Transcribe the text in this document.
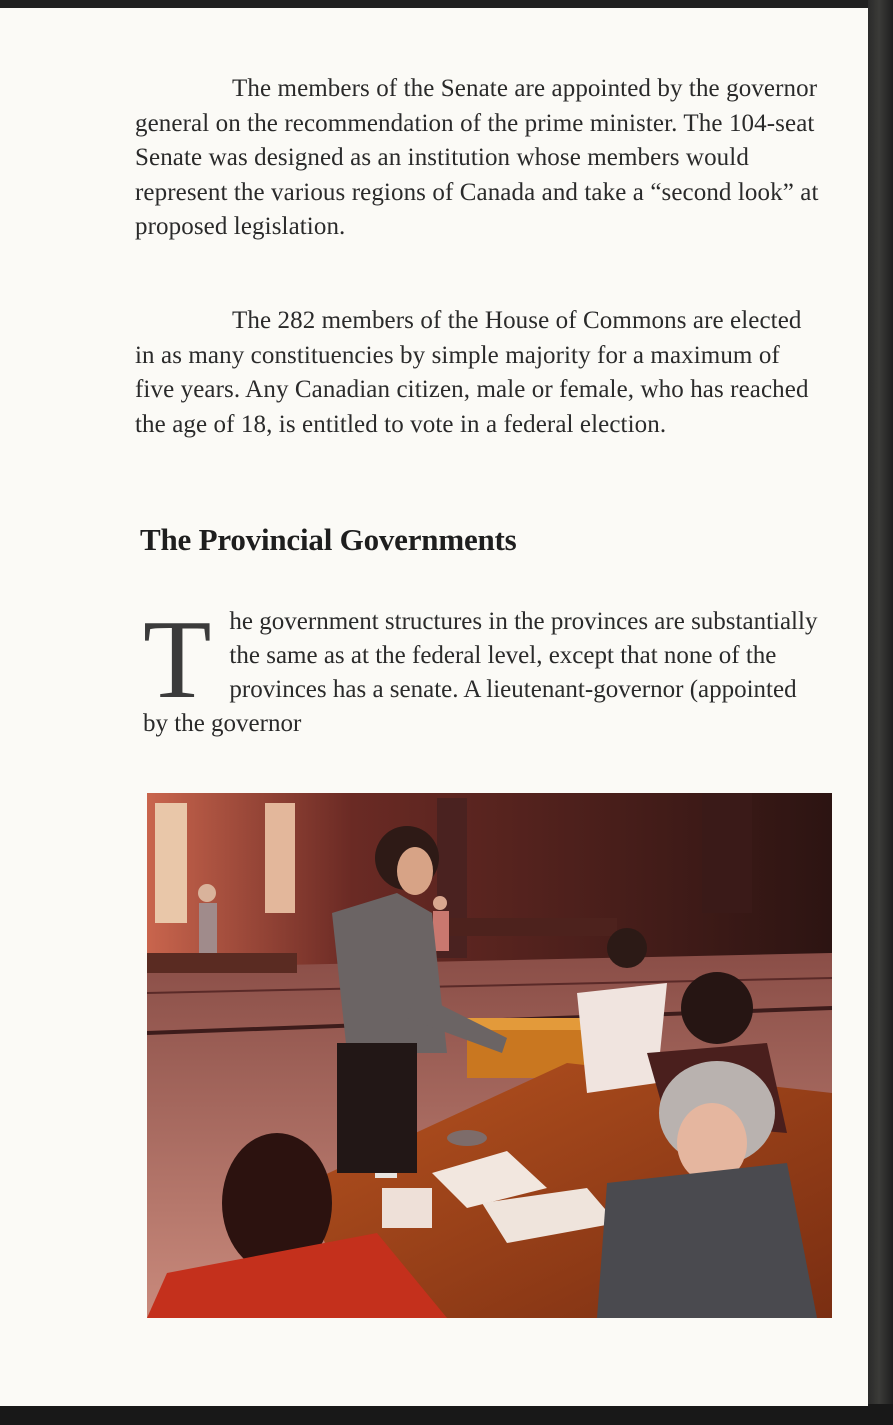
The members of the Senate are appointed by the governor general on the recommendation of the prime minister. The 104-seat Senate was designed as an institution whose members would represent the various regions of Canada and take a “second look” at proposed legislation.

The 282 members of the House of Commons are elected in as many constituencies by simple majority for a maximum of five years. Any Canadian citizen, male or female, who has reached the age of 18, is entitled to vote in a federal election.

The Provincial Governments

The government structures in the provinces are substantially the same as at the federal level, except that none of the provinces has a senate. A lieutenant-governor (appointed by the governor
